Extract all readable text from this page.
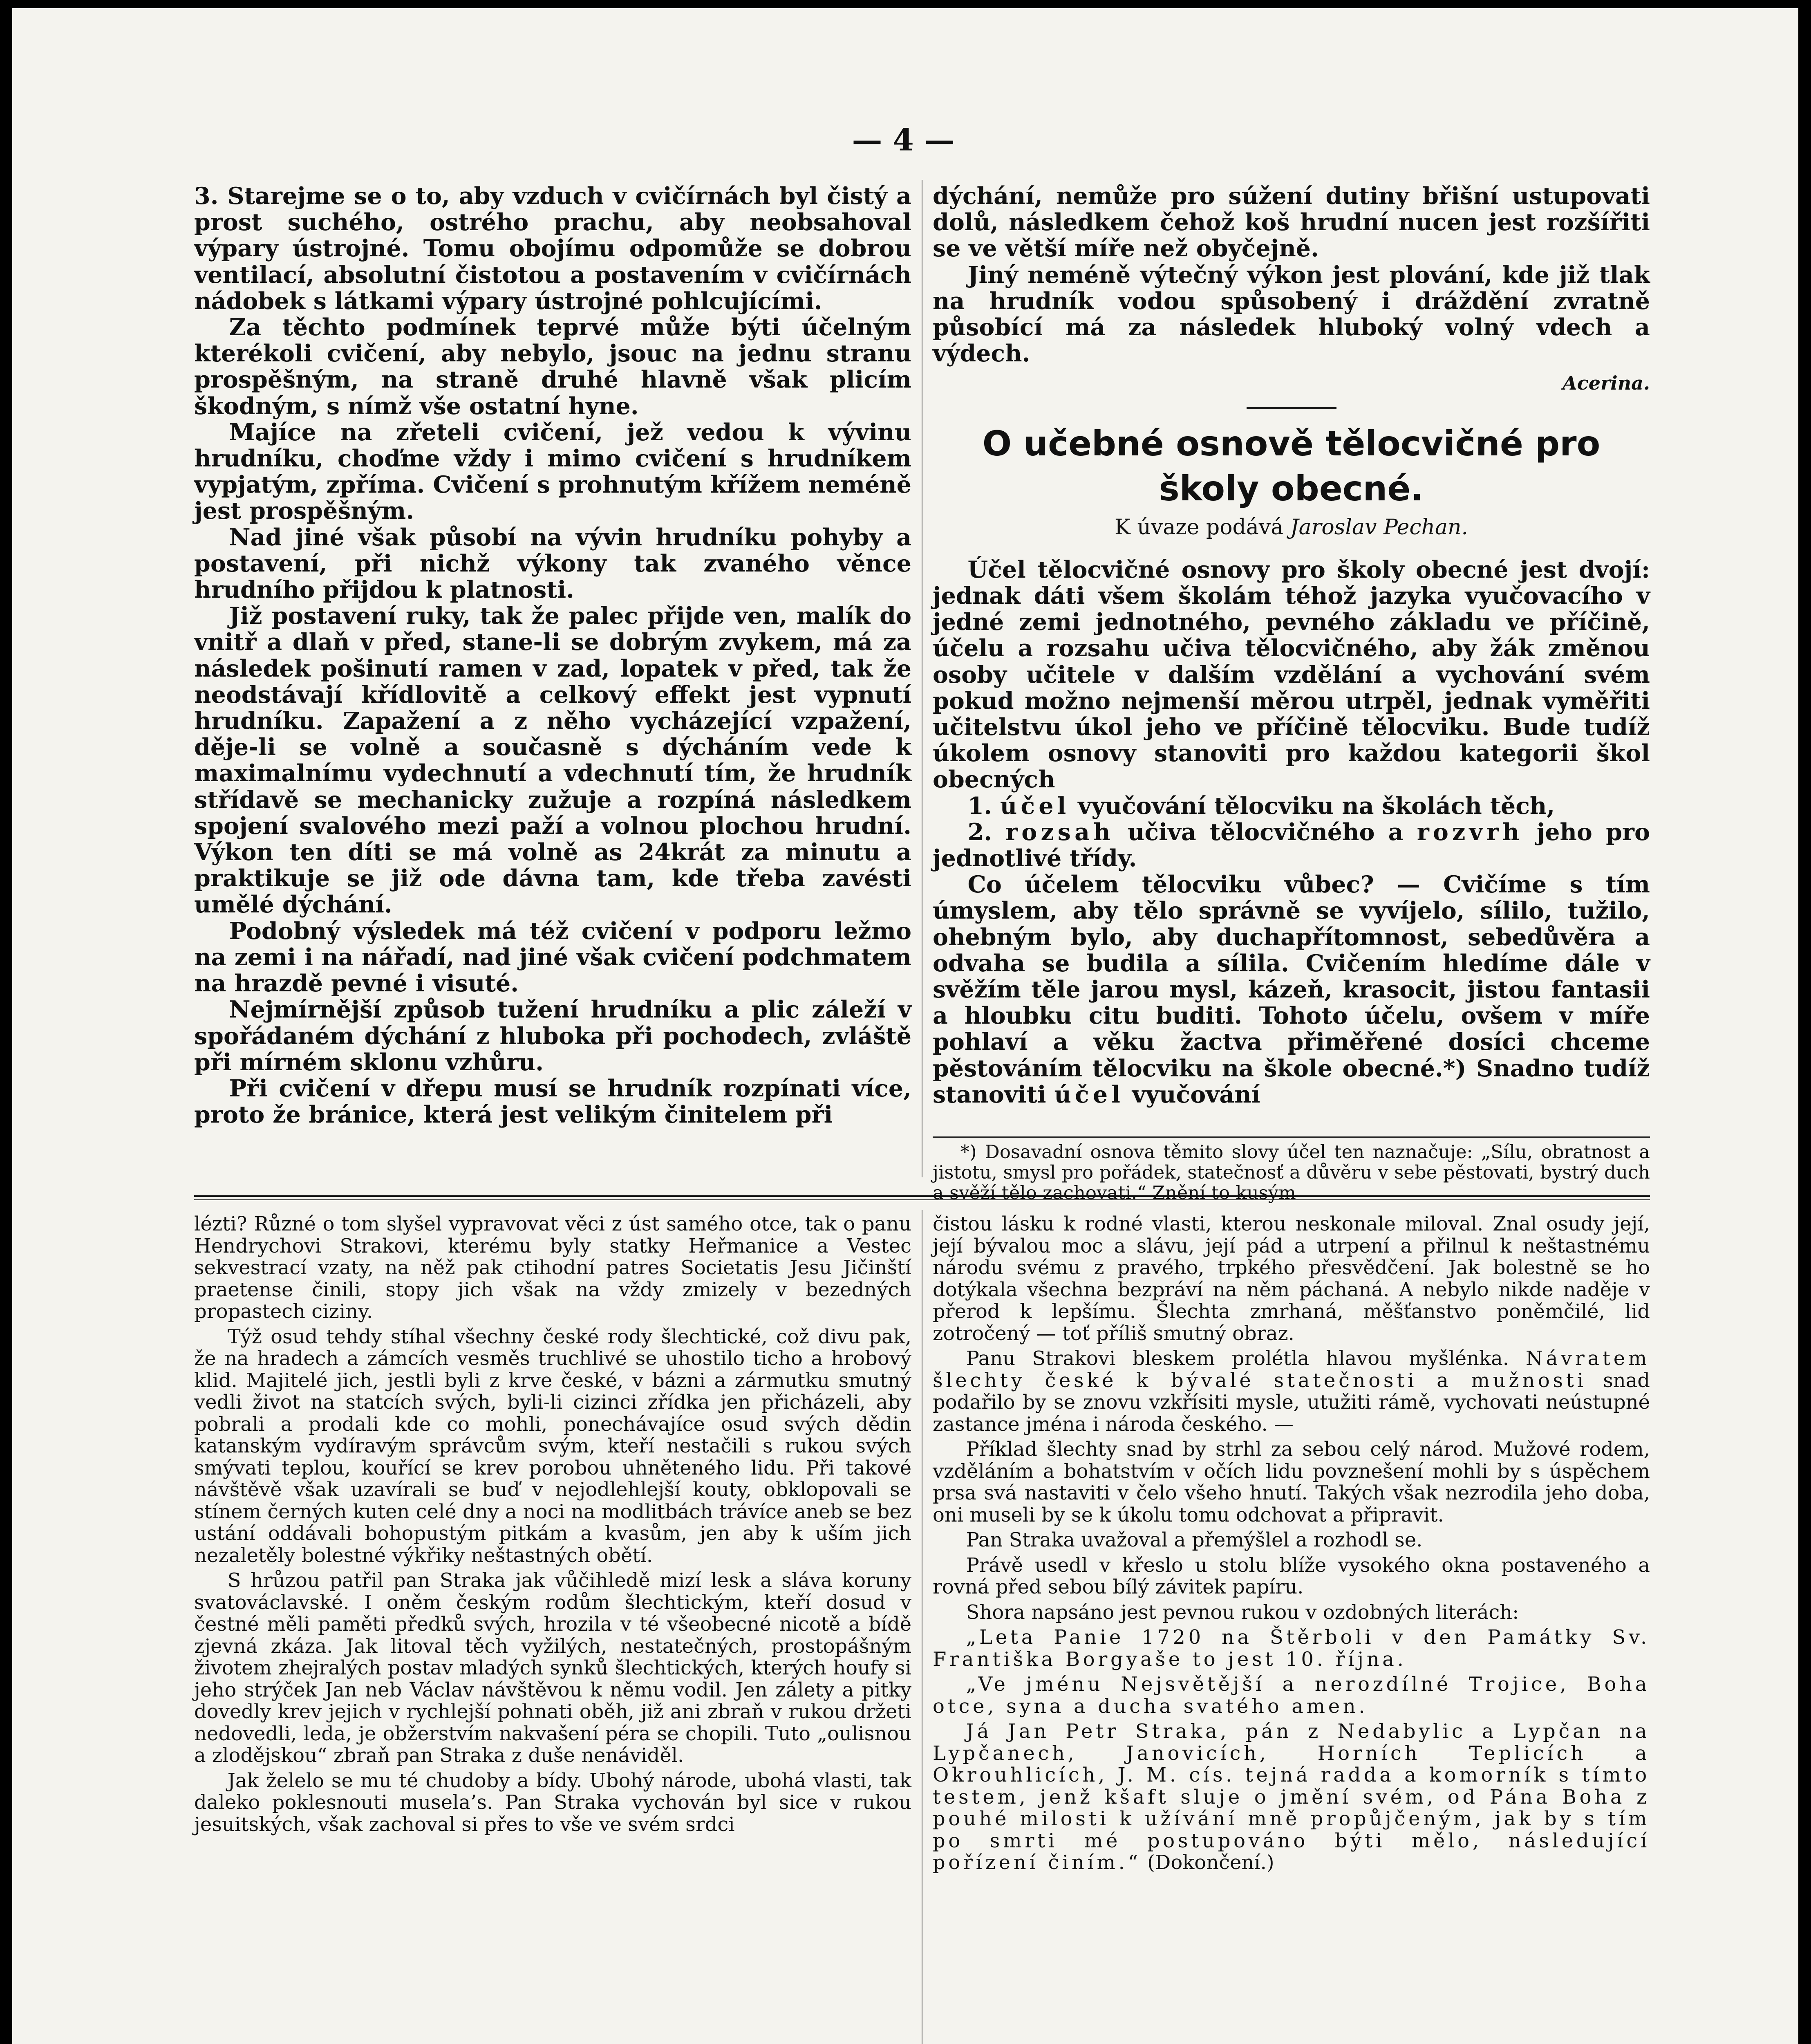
— 4 —

3. Starejme se o to, aby vzduch v cvičírnách byl čistý a prost suchého, ostrého prachu, aby neobsahoval výpary ústrojné. Tomu obojímu odpomůže se dobrou ventilací, absolutní čistotou a postavením v cvičírnách nádobek s látkami výpary ústrojné pohlcujícími.

Za těchto podmínek teprvé může býti účelným kterékoli cvičení, aby nebylo, jsouc na jednu stranu prospěšným, na straně druhé hlavně však plicím škodným, s nímž vše ostatní hyne.

Majíce na zřeteli cvičení, jež vedou k vývinu hrudníku, choďme vždy i mimo cvičení s hrudníkem vypjatým, zpříma. Cvičení s prohnutým křížem neméně jest prospěšným.

Nad jiné však působí na vývin hrudníku pohyby a postavení, při nichž výkony tak zvaného věnce hrudního přijdou k platnosti.

Již postavení ruky, tak že palec přijde ven, malík do vnitř a dlaň v před, stane-li se dobrým zvykem, má za následek pošinutí ramen v zad, lopatek v před, tak že neodstávají křídlovitě a celkový effekt jest vypnutí hrudníku. Zapažení a z něho vycházející vzpažení, děje-li se volně a současně s dýcháním vede k maximalnímu vydechnutí a vdechnutí tím, že hrudník střídavě se mechanicky zužuje a rozpíná následkem spojení svalového mezi paží a volnou plochou hrudní. Výkon ten díti se má volně as 24krát za minutu a praktikuje se již ode dávna tam, kde třeba zavésti umělé dýchání.

Podobný výsledek má též cvičení v podporu ležmo na zemi i na nářadí, nad jiné však cvičení podchmatem na hrazdě pevné i visuté.

Nejmírnější způsob tužení hrudníku a plic záleží v spořádaném dýchání z hluboka při pochodech, zvláště při mírném sklonu vzhůru.

Při cvičení v dřepu musí se hrudník rozpínati více, proto že bránice, která jest velikým činitelem při

dýchání, nemůže pro súžení dutiny břišní ustupovati dolů, následkem čehož koš hrudní nucen jest rozšířiti se ve větší míře než obyčejně.

Jiný neméně výtečný výkon jest plování, kde již tlak na hrudník vodou spůsobený i dráždění zvratně působící má za následek hluboký volný vdech a výdech.

Acerina.

O učebné osnově tělocvičné pro školy obecné.
K úvaze podává Jaroslav Pechan.

Účel tělocvičné osnovy pro školy obecné jest dvojí: jednak dáti všem školám téhož jazyka vyučovacího v jedné zemi jednotného, pevného základu ve příčině, účelu a rozsahu učiva tělocvičného, aby žák změnou osoby učitele v dalším vzdělání a vychování svém pokud možno nejmenší měrou utrpěl, jednak vyměřiti učitelstvu úkol jeho ve příčině tělocviku. Bude tudíž úkolem osnovy stanoviti pro každou kategorii škol obecných

1. účel vyučování tělocviku na školách těch,

2. rozsah učiva tělocvičného a rozvrh jeho pro jednotlivé třídy.

Co účelem tělocviku vůbec? — Cvičíme s tím úmyslem, aby tělo správně se vyvíjelo, sílilo, tužilo, ohebným bylo, aby duchapřítomnost, sebedůvěra a odvaha se budila a sílila. Cvičením hledíme dále v svěžím těle jarou mysl, kázeň, krasocit, jistou fantasii a hloubku citu buditi. Tohoto účelu, ovšem v míře pohlaví a věku žactva přiměřené dosíci chceme pěstováním tělocviku na škole obecné.*) Snadno tudíž stanoviti účel vyučování

*) Dosavadní osnova těmito slovy účel ten naznačuje: „Sílu, obratnost a jistotu, smysl pro pořádek, statečnosť a důvěru v sebe pěstovati, bystrý duch a svěží tělo zachovati.“ Znění to kusým

lézti? Různé o tom slyšel vypravovat věci z úst samého otce, tak o panu Hendrychovi Strakovi, kterému byly statky Heřmanice a Vestec sekvestrací vzaty, na něž pak ctihodní patres Societatis Jesu Jičinští praetense činili, stopy jich však na vždy zmizely v bezedných propastech ciziny.

Týž osud tehdy stíhal všechny české rody šlechtické, což divu pak, že na hradech a zámcích vesměs truchlivé se uhostilo ticho a hrobový klid. Majitelé jich, jestli byli z krve české, v bázni a zármutku smutný vedli život na statcích svých, byli-li cizinci zřídka jen přicházeli, aby pobrali a prodali kde co mohli, ponechávajíce osud svých dědin katanským vydíravým správcům svým, kteří nestačili s rukou svých smývati teplou, kouřící se krev porobou uhněteného lidu. Při takové návštěvě však uzavírali se buď v nejodlehlejší kouty, obklopovali se stínem černých kuten celé dny a noci na modlitbách trávíce aneb se bez ustání oddávali bohopustým pitkám a kvasům, jen aby k uším jich nezaletěly bolestné výkřiky neštastných obětí.

S hrůzou patřil pan Straka jak vůčihledě mizí lesk a sláva koruny svatováclavské. I oněm českým rodům šlechtickým, kteří dosud v čestné měli paměti předků svých, hrozila v té všeobecné nicotě a bídě zjevná zkáza. Jak litoval těch vyžilých, nestatečných, prostopášným životem zhejralých postav mladých synků šlechtických, kterých houfy si jeho strýček Jan neb Václav návštěvou k němu vodil. Jen zálety a pitky dovedly krev jejich v rychlejší pohnati oběh, již ani zbraň v rukou držeti nedovedli, leda, je obžerstvím nakvašení péra se chopili. Tuto „oulisnou a zlodějskou“ zbraň pan Straka z duše nenáviděl.

Jak želelo se mu té chudoby a bídy. Ubohý národe, ubohá vlasti, tak daleko poklesnouti musela’s. Pan Straka vychován byl sice v rukou jesuitských, však zachoval si přes to vše ve svém srdci

čistou lásku k rodné vlasti, kterou neskonale miloval. Znal osudy její, její bývalou moc a slávu, její pád a utrpení a přilnul k neštastnému národu svému z pravého, trpkého přesvědčení. Jak bolestně se ho dotýkala všechna bezpráví na něm páchaná. A nebylo nikde naděje v přerod k lepšímu. Šlechta zmrhaná, měšťanstvo poněmčilé, lid zotročený — toť příliš smutný obraz.

Panu Strakovi bleskem prolétla hlavou myšlénka. Návratem šlechty české k bývalé statečnosti a mužnosti snad podařilo by se znovu vzkřísiti mysle, utužiti rámě, vychovati neústupné zastance jména i národa českého. —

Příklad šlechty snad by strhl za sebou celý národ. Mužové rodem, vzděláním a bohatstvím v očích lidu povznešení mohli by s úspěchem prsa svá nastaviti v čelo všeho hnutí. Takých však nezrodila jeho doba, oni museli by se k úkolu tomu odchovat a připravit.

Pan Straka uvažoval a přemýšlel a rozhodl se.

Právě usedl v křeslo u stolu blíže vysokého okna postaveného a rovná před sebou bílý závitek papíru.

Shora napsáno jest pevnou rukou v ozdobných literách:

„Leta Panie 1720 na Štěrboli v den Památky Sv. Františka Borgyaše to jest 10. října.

„Ve jménu Nejsvětější a nerozdílné Trojice, Boha otce, syna a ducha svatého amen.

Já Jan Petr Straka, pán z Nedabylic a Lypčan na Lypčanech, Janovicích, Horních Teplicích a Okrouhlicích, J. M. cís. tejná radda a komorník s tímto testem, jenž kšaft sluje o jmění svém, od Pána Boha z pouhé milosti k užívání mně propůjčeným, jak by s tím po smrti mé postupováno býti mělo, následující pořízení činím.“ (Dokončení.)
